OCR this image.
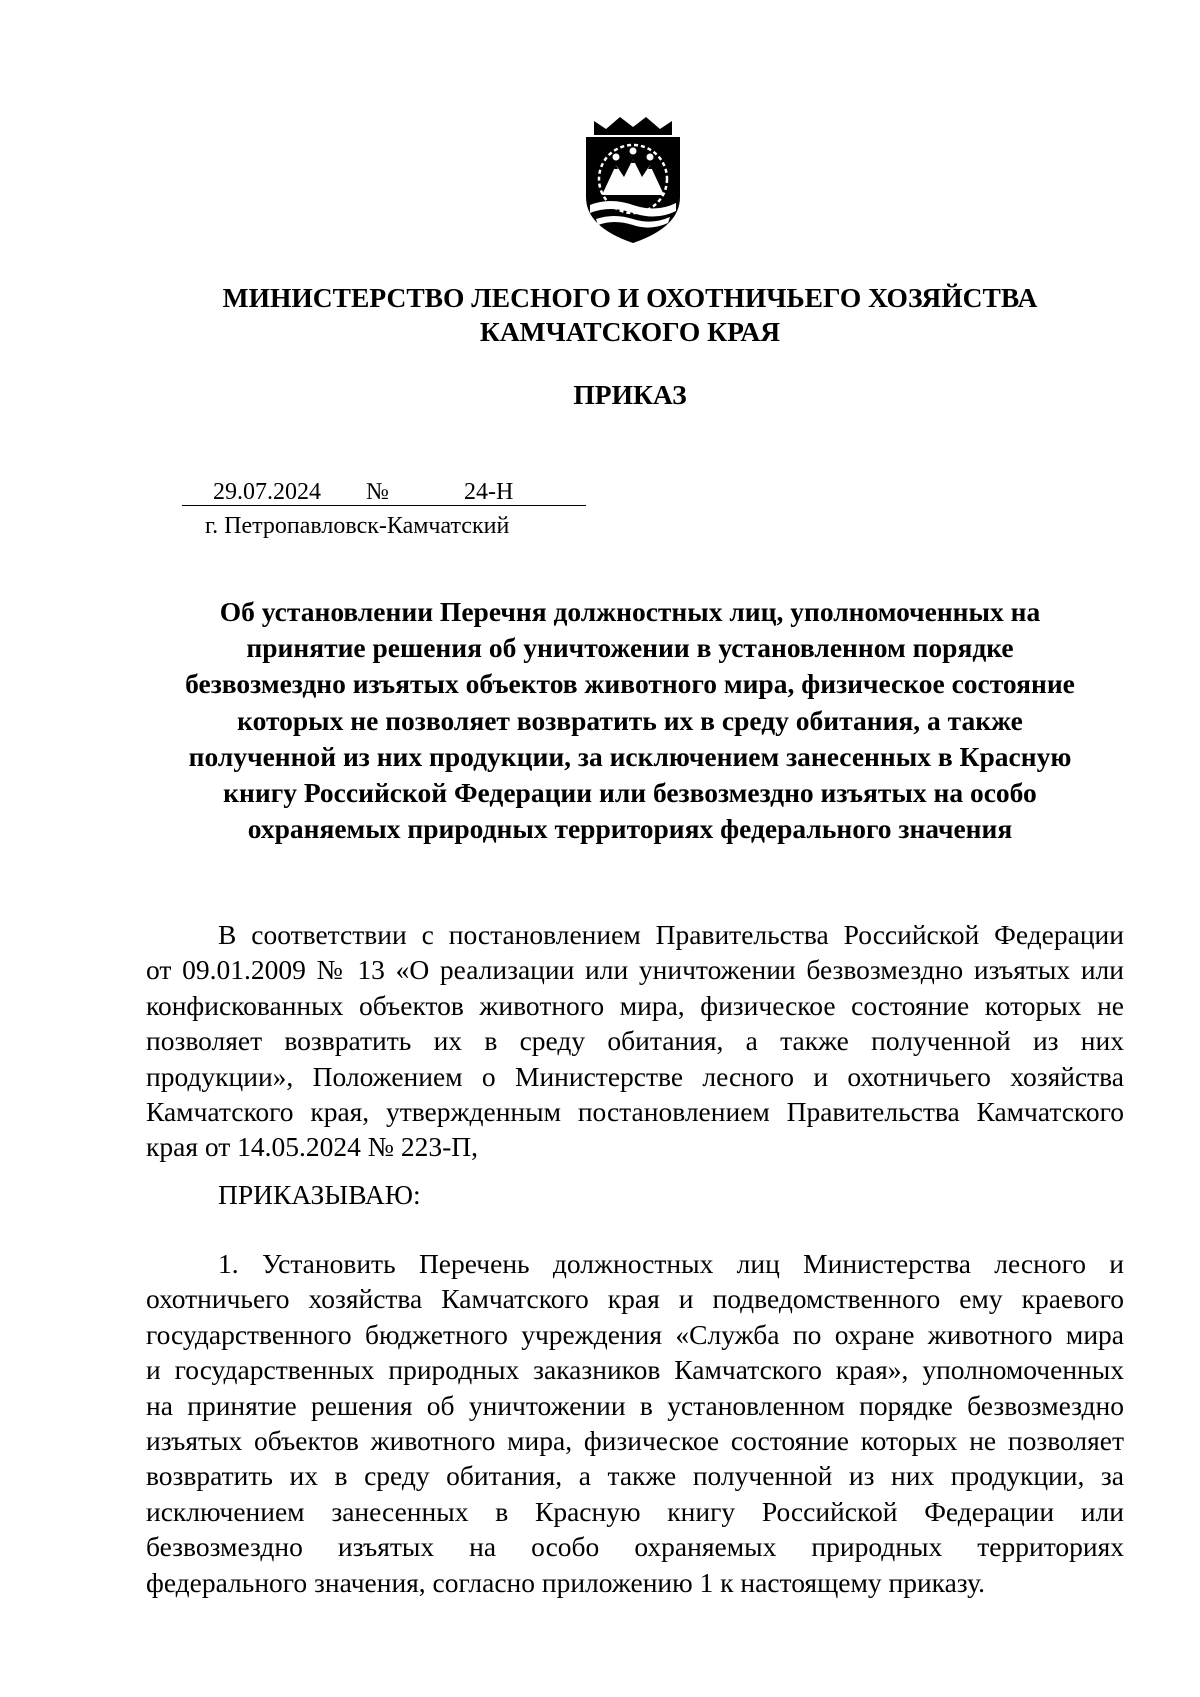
МИНИСТЕРСТВО ЛЕСНОГО И ОХОТНИЧЬЕГО ХОЗЯЙСТВА
КАМЧАТСКОГО КРАЯ
ПРИКАЗ
29.07.2024 №	24-Н
г. Петропавловск-Камчатский
Об установлении Перечня должностных лиц, уполномоченных на
принятие решения об уничтожении в установленном порядке
безвозмездно изъятых объектов животного мира, физическое состояние
которых не позволяет возвратить их в среду обитания, а также
полученной из них продукции, за исключением занесенных в Красную
книгу Российской Федерации или безвозмездно изъятых на особо
охраняемых природных территориях федерального значения
В соответствии с постановлением Правительства Российской Федерации
от 09.01.2009 № 13 «О реализации или уничтожении безвозмездно изъятых или
конфискованных объектов животного мира, физическое состояние которых не
позволяет возвратить их в среду обитания, а также полученной из них
продукции», Положением о Министерстве лесного и охотничьего хозяйства
Камчатского края, утвержденным постановлением Правительства Камчатского
края от 14.05.2024 № 223-П,
ПРИКАЗЫВАЮ:
1. Установить Перечень должностных лиц Министерства лесного и
охотничьего хозяйства Камчатского края и подведомственного ему краевого
государственного бюджетного учреждения «Служба по охране животного мира
и государственных природных заказников Камчатского края», уполномоченных
на принятие решения об уничтожении в установленном порядке безвозмездно
изъятых объектов животного мира, физическое состояние которых не позволяет
возвратить их в среду обитания, а также полученной из них продукции, за
исключением занесенных в Красную книгу Российской Федерации или
безвозмездно изъятых на особо охраняемых природных территориях
федерального значения, согласно приложению 1 к настоящему приказу.
